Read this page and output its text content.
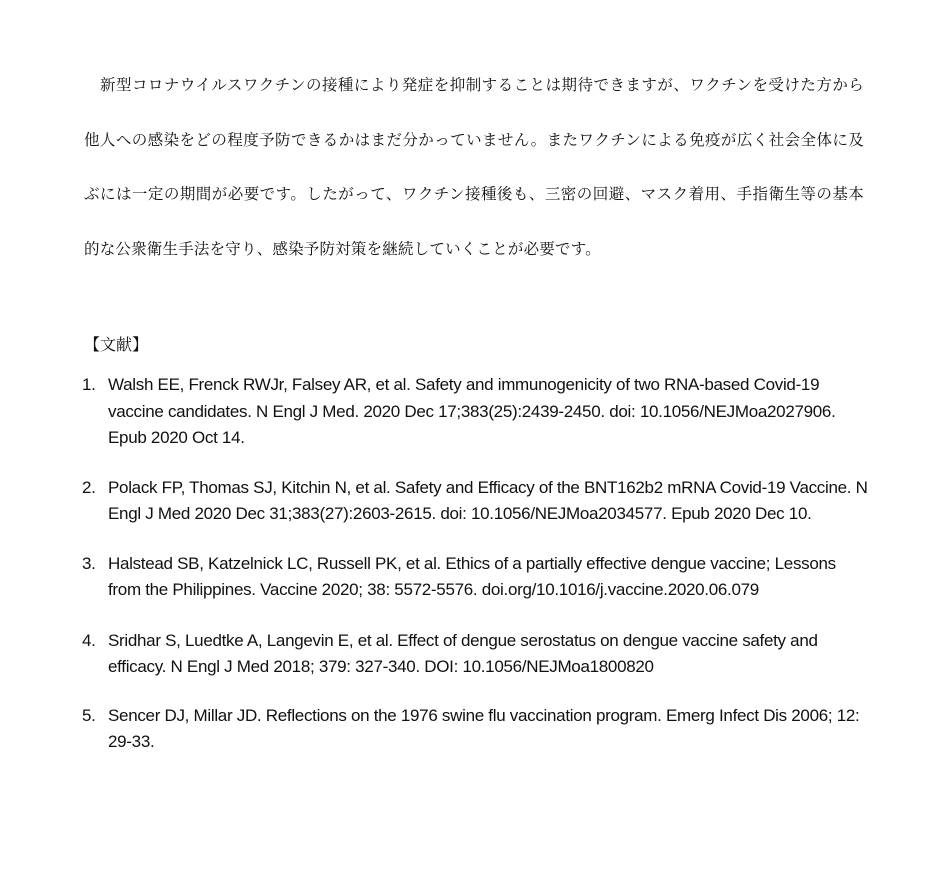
新型コロナウイルスワクチンの接種により発症を抑制することは期待できますが、ワクチンを受けた方から他人への感染をどの程度予防できるかはまだ分かっていません。またワクチンによる免疫が広く社会全体に及ぶには一定の期間が必要です。したがって、ワクチン接種後も、三密の回避、マスク着用、手指衛生等の基本的な公衆衛生手法を守り、感染予防対策を継続していくことが必要です。

【文献】

1. Walsh EE, Frenck RWJr, Falsey AR, et al. Safety and immunogenicity of two RNA-based Covid-19 vaccine candidates. N Engl J Med. 2020 Dec 17;383(25):2439-2450. doi: 10.1056/NEJMoa2027906. Epub 2020 Oct 14.
2. Polack FP, Thomas SJ, Kitchin N, et al. Safety and Efficacy of the BNT162b2 mRNA Covid-19 Vaccine. N Engl J Med 2020 Dec 31;383(27):2603-2615. doi: 10.1056/NEJMoa2034577. Epub 2020 Dec 10.
3. Halstead SB, Katzelnick LC, Russell PK, et al. Ethics of a partially effective dengue vaccine; Lessons from the Philippines. Vaccine 2020; 38: 5572-5576. doi.org/10.1016/j.vaccine.2020.06.079
4. Sridhar S, Luedtke A, Langevin E, et al. Effect of dengue serostatus on dengue vaccine safety and efficacy. N Engl J Med 2018; 379: 327-340. DOI: 10.1056/NEJMoa1800820
5. Sencer DJ, Millar JD. Reflections on the 1976 swine flu vaccination program. Emerg Infect Dis 2006; 12: 29-33.
